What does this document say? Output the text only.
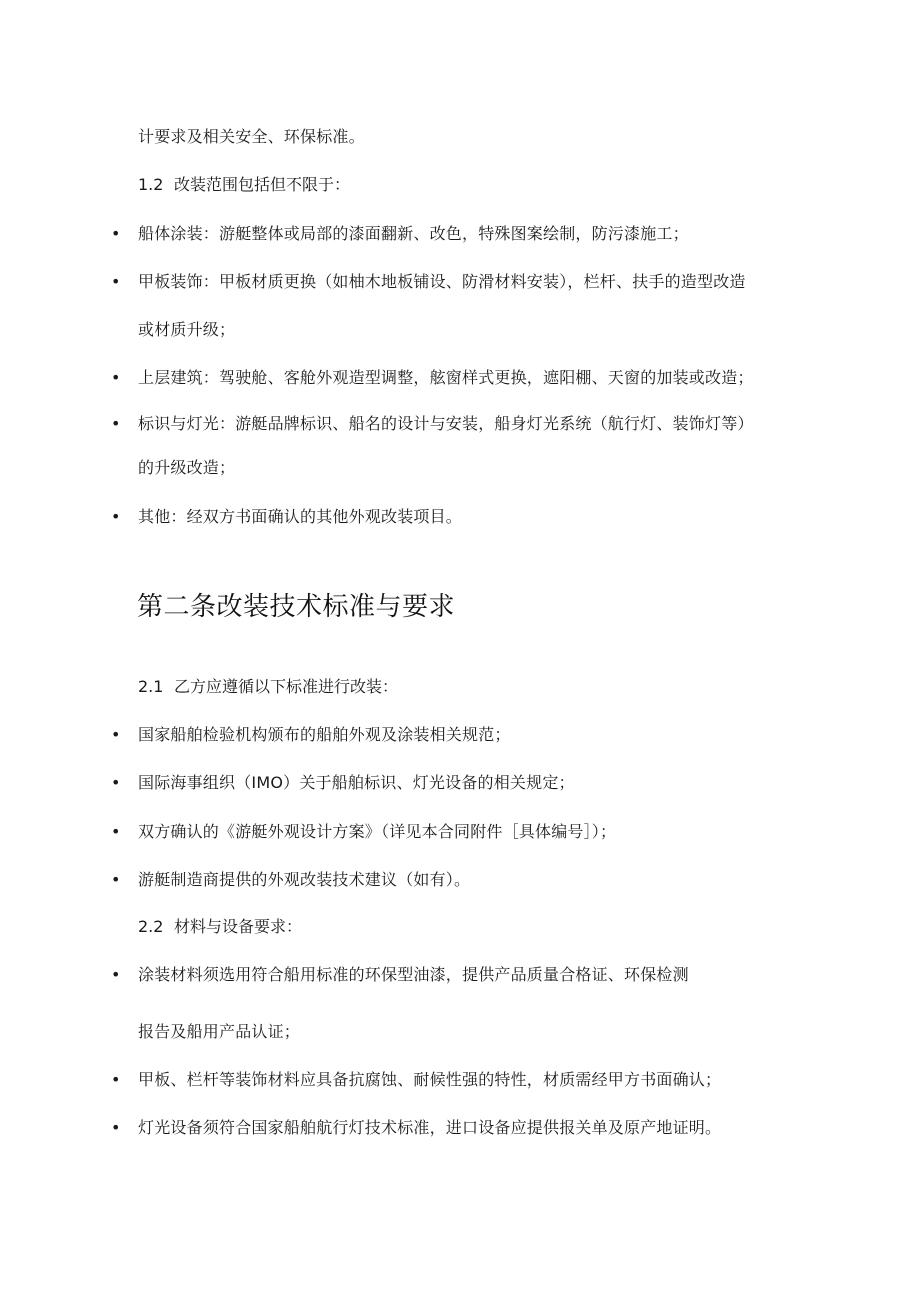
计要求及相关安全、环保标准。
1.2 改装范围包括但不限于：
• 船体涂装：游艇整体或局部的漆面翻新、改色，特殊图案绘制，防污漆施工；
• 甲板装饰：甲板材质更换（如柚木地板铺设、防滑材料安装），栏杆、扶手的造型改造
或材质升级；
• 上层建筑：驾驶舱、客舱外观造型调整，舷窗样式更换，遮阳棚、天窗的加装或改造；
• 标识与灯光：游艇品牌标识、船名的设计与安装，船身灯光系统（航行灯、装饰灯等）
的升级改造；
• 其他：经双方书面确认的其他外观改装项目。
第二条改装技术标准与要求
2.1 乙方应遵循以下标准进行改装：
• 国家船舶检验机构颁布的船舶外观及涂装相关规范；
• 国际海事组织（IMO）关于船舶标识、灯光设备的相关规定；
• 双方确认的《游艇外观设计方案》（详见本合同附件［具体编号］）；
• 游艇制造商提供的外观改装技术建议（如有）。
2.2 材料与设备要求：
• 涂装材料须选用符合船用标准的环保型油漆，提供产品质量合格证、环保检测
报告及船用产品认证；
• 甲板、栏杆等装饰材料应具备抗腐蚀、耐候性强的特性，材质需经甲方书面确认；
• 灯光设备须符合国家船舶航行灯技术标准，进口设备应提供报关单及原产地证明。
